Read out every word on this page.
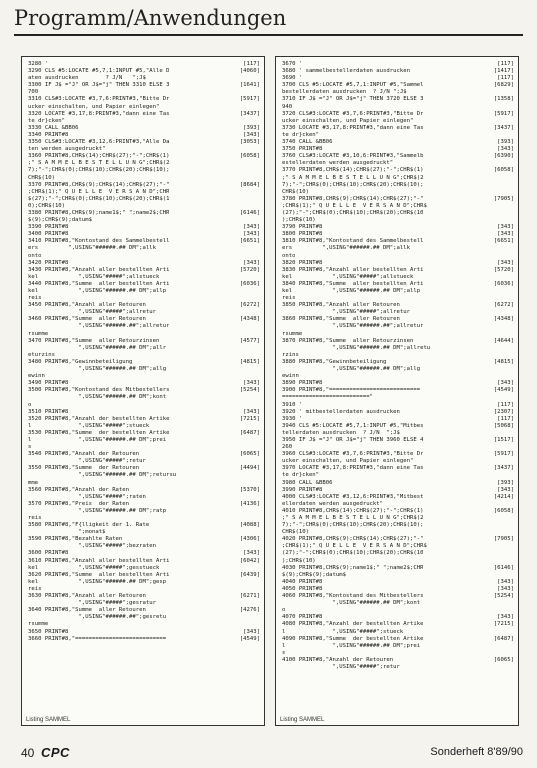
Programm/Anwendungen
3280 '	[117]
3290 CLS #5:LOCATE #5,7,1:INPUT #5,"Alle D	[4060]
aten ausdrucken        ? J/N   ";J$
3300 IF J$ ="J" OR J$="j" THEN 3310 ELSE 3	[1641]
700
3310 CLS#3:LOCATE #3,7,6:PRINT#3,"Bitte Dr	[5917]
ucker einschalten, und Papier einlegen"
3320 LOCATE #3,17,8:PRINT#3,"dann eine Tas	[3437]
te dr}cken"
3330 CALL &BB06	[393]
3340 PRINT#8	[343]
3350 CLS#3:LOCATE #3,12,6:PRINT#3,"Alle Da	[3053]
ten werden ausgedruckt"
3360 PRINT#8,CHR$(14);CHR$(27);"-";CHR$(1)	[6058]
;" S A M M E L B E S T E L L U N G";CHR$(2
7);"-";CHR$(0);CHR$(10);CHR$(20);CHR$(10);
CHR$(10)
3370 PRINT#8,CHR$(9);CHR$(14);CHR$(27);"-"	[8684]
;CHR$(1);" Q U E L L E  V E R S A N D";CHR
$(27);"-";CHR$(0);CHR$(10);CHR$(20);CHR$(1
0);CHR$(10)
3380 PRINT#8,CHR$(9);name1$;" ";name2$;CHR	[6146]
$(9);CHR$(9);datum$
3390 PRINT#8	[343]
3400 PRINT#8	[343]
3410 PRINT#8,"Kontostand des Sammelbestell	[6651]
ers         ",USING"######.## DM";allk
onto
3420 PRINT#8	[343]
3430 PRINT#8,"Anzahl aller bestellten Arti	[5720]
kel            ",USING"#####";allstueck
3440 PRINT#8,"Summe  aller bestellten Arti	[6036]
kel            ",USING"######.## DM";allp
reis
3450 PRINT#8,"Anzahl aller Retouren	[6272]
",USING"#####";allretur
3460 PRINT#8,"Summe  aller Retouren	[4348]
",USING"######.##";allretur
rsumme
3470 PRINT#8,"Summe  aller Retourzinsen	[4577]
",USING"######.## DM";allr
eturzins
3480 PRINT#8,"Gewinnbeteiligung	[4815]
",USING"######.## DM";allg
ewinn
3490 PRINT#8	[343]
3500 PRINT#8,"Kontostand des Mitbestellers	[5254]
",USING"######.## DM";kont
o
3510 PRINT#8	[343]
3520 PRINT#8,"Anzahl der bestellten Artike	[7215]
l              ",USING"#####";stueck
3530 PRINT#8,"Summe  der bestellten Artike	[6487]
l              ",USING"######.## DM";prei
s
3540 PRINT#8,"Anzahl der Retouren	[6065]
",USING"#####";retur
3550 PRINT#8,"Summe  der Retouren	[4494]
",USING"######.## DM";retursu
mme
3560 PRINT#8,"Anzahl der Raten	[5370]
",USING"#####";raten
3570 PRINT#8,"Preis  der Raten	[4136]
",USING"######.## DM";ratp
reis
3580 PRINT#8,"F{lligkeit der 1. Rate	[4088]
";monat$
3590 PRINT#8,"Bezahlte Raten	[4306]
",USING"#####";bezraten
3600 PRINT#8	[343]
3610 PRINT#8,"Anzahl aller bestellten Arti	[6042]
kel            ",USING"#####";gesstueck
3620 PRINT#8,"Summe  aller bestellten Arti	[6439]
kel            ",USING"######.## DM";gesp
reis
3630 PRINT#8,"Anzahl aller Retouren	[6271]
",USING"#####";gesratur
3640 PRINT#8,"Summe  aller Retouren	[4276]
",USING"######.##";gesretu
rsumme
3650 PRINT#8	[343]
3660 PRINT#8,"===========================	[4549]
Listing SAMMEL
3670 '	[117]
3680 ' sammelbestellerdaten ausdrucken	[1417]
3690 '	[117]
3700 CLS #5:LOCATE #5,7,1:INPUT #5,"Sammel	[6829]
bestellerdaten ausdrucken  ? J/N ";J$
3710 IF J$ ="J" OR J$="j" THEN 3720 ELSE 3	[1358]
940
3720 CLS#3:LOCATE #3,7,6:PRINT#3,"Bitte Dr	[5917]
ucker einschalten, und Papier einlegen"
3730 LOCATE #3,17,8:PRINT#3,"dann eine Tas	[3437]
te dr}cken"
3740 CALL &BB06	[393]
3750 PRINT#8	[343]
3760 CLS#3:LOCATE #3,10,6:PRINT#3,"Sammelb	[6390]
estellerdaten werden ausgedruckt"
3770 PRINT#8,CHR$(14);CHR$(27);"-";CHR$(1)	[6058]
;" S A M M E L B E S T E L L U N G";CHR$(2
7);"-";CHR$(0);CHR$(10);CHR$(20);CHR$(10);
CHR$(10)
3780 PRINT#8,CHR$(9);CHR$(14);CHR$(27);"-"	[7905]
;CHR$(1);" Q U E L L E  V E R S A N D";CHR$
(27);"-";CHR$(0);CHR$(10);CHR$(20);CHR$(10
);CHR$(10)
3790 PRINT#8	[343]
3800 PRINT#8	[343]
3810 PRINT#8,"Kontostand des Sammelbestell	[6651]
ers         ",USING"######.## DM";allk
onto
3820 PRINT#8	[343]
3830 PRINT#8,"Anzahl aller bestellten Arti	[5720]
kel            ",USING"#####";allstueck
3840 PRINT#8,"Summe  aller bestellten Arti	[6036]
kel            ",USING"######.## DM";allp
reis
3850 PRINT#8,"Anzahl aller Retouren	[6272]
",USING"#####";allretur
3860 PRINT#8,"Summe  aller Retouren	[4348]
",USING"######.##";allretur
rsumme
3870 PRINT#8,"Summe  aller Retourzinsen	[4644]
",USING"######.## DM";allretu
rzins
3880 PRINT#8,"Gewinnbeteiligung	[4815]
",USING"######.## DM";allg
ewinn
3890 PRINT#8	[343]
3900 PRINT#8,"===========================	[4549]
=========================="
3910 '	[117]
3920 ' mitbestellerdaten ausdrucken	[2307]
3930 '	[117]
3940 CLS #5:LOCATE #5,7,1:INPUT #5,"Mitbes	[5068]
tellerdaten ausdrucken  ? J/N  ";J$
3950 IF J$ ="J" OR J$="j" THEN 3960 ELSE 4	[1517]
260
3960 CLS#3:LOCATE #3,7,6:PRINT#3,"Bitte Dr	[5917]
ucker einschalten, und Papier einlegen"
3970 LOCATE #3,17,8:PRINT#3,"dann eine Tas	[3437]
te dr}cken"
3980 CALL &BB06	[393]
3990 PRINT#8	[343]
4000 CLS#3:LOCATE #3,12,6:PRINT#3,"Mitbest	[4214]
ellerdaten werden ausgedruckt"
4010 PRINT#8,CHR$(14);CHR$(27);"-";CHR$(1)	[6058]
;" S A M M E L B E S T E L L U N G";CHR$(2
7);"-";CHR$(0);CHR$(10);CHR$(20);CHR$(10);
CHR$(10)
4020 PRINT#8,CHR$(9);CHR$(14);CHR$(27);"-"	[7905]
;CHR$(1);" Q U E L L E  V E R S A N D";CHR$
(27);"-";CHR$(0);CHR$(10);CHR$(20);CHR$(10
);CHR$(10)
4030 PRINT#8,CHR$(9);name1$;" ";name2$;CHR	[6146]
$(9);CHR$(9);datum$
4040 PRINT#8	[343]
4050 PRINT#8	[343]
4060 PRINT#8,"Kontostand des Mitbestellers	[5254]
",USING"######.## DM";kont
o
4070 PRINT#8	[343]
4080 PRINT#8,"Anzahl der bestellten Artike	[7215]
l              ",USING"#####";stueck
4090 PRINT#8,"Summe  der bestellten Artike	[6487]
l              ",USING"######.## DM";prei
s
4100 PRINT#8,"Anzahl der Retouren	[6065]
",USING"#####";retur
Listing SAMMEL
40 CPC	Sonderheft 8'89/90
